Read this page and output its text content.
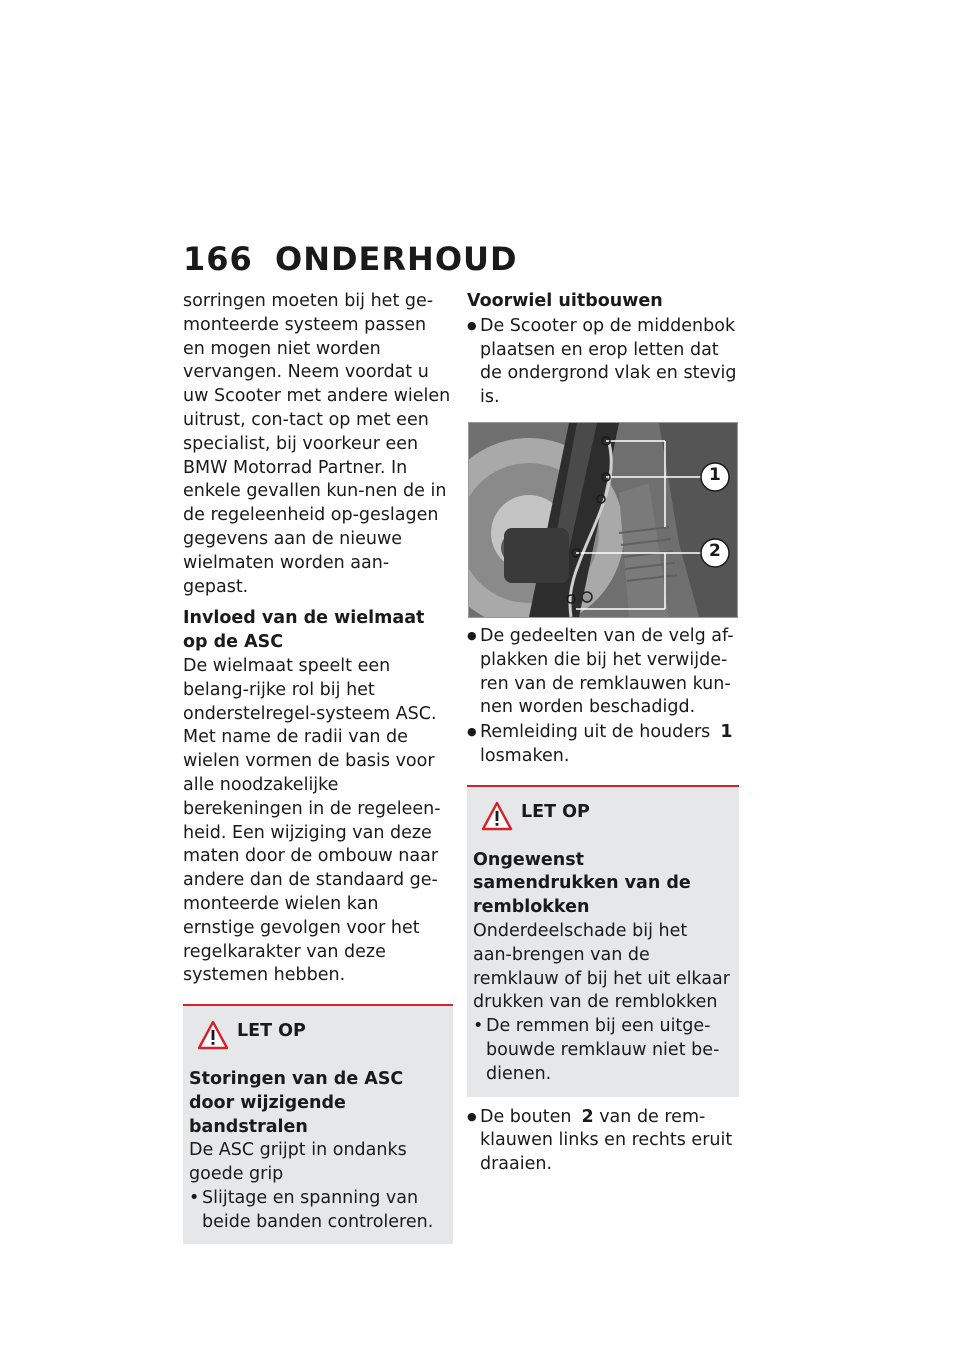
166 ONDERHOUD

sorringen moeten bij het ge-monteerde systeem passen en mogen niet worden vervangen. Neem voordat u uw Scooter met andere wielen uitrust, con-tact op met een specialist, bij voorkeur een BMW Motorrad Partner. In enkele gevallen kun-nen de in de regeleenheid op-geslagen gegevens aan de nieuwe wielmaten worden aan-gepast.

Invloed van de wielmaat op de ASC

De wielmaat speelt een belang-rijke rol bij het onderstelregel-systeem ASC. Met name de radii van de wielen vormen de basis voor alle noodzakelijke berekeningen in de regeleen-heid. Een wijziging van deze maten door de ombouw naar andere dan de standaard ge-monteerde wielen kan ernstige gevolgen voor het regelkarakter van deze systemen hebben.

LET OP

Storingen van de ASC door wijzigende bandstralen

De ASC grijpt in ondanks goede grip

• Slijtage en spanning van beide banden controleren.

Voorwiel uitbouwen

● De Scooter op de middenbok plaatsen en erop letten dat de ondergrond vlak en stevig is.

1
2

● De gedeelten van de velg af-plakken die bij het verwijde-ren van de remklauwen kun-nen worden beschadigd.

● Remleiding uit de houders 1 losmaken.

LET OP

Ongewenst samendrukken van de remblokken

Onderdeelschade bij het aan-brengen van de remklauw of bij het uit elkaar drukken van de remblokken

• De remmen bij een uitge-bouwde remklauw niet be-dienen.

● De bouten 2 van de rem-klauwen links en rechts eruit draaien.
